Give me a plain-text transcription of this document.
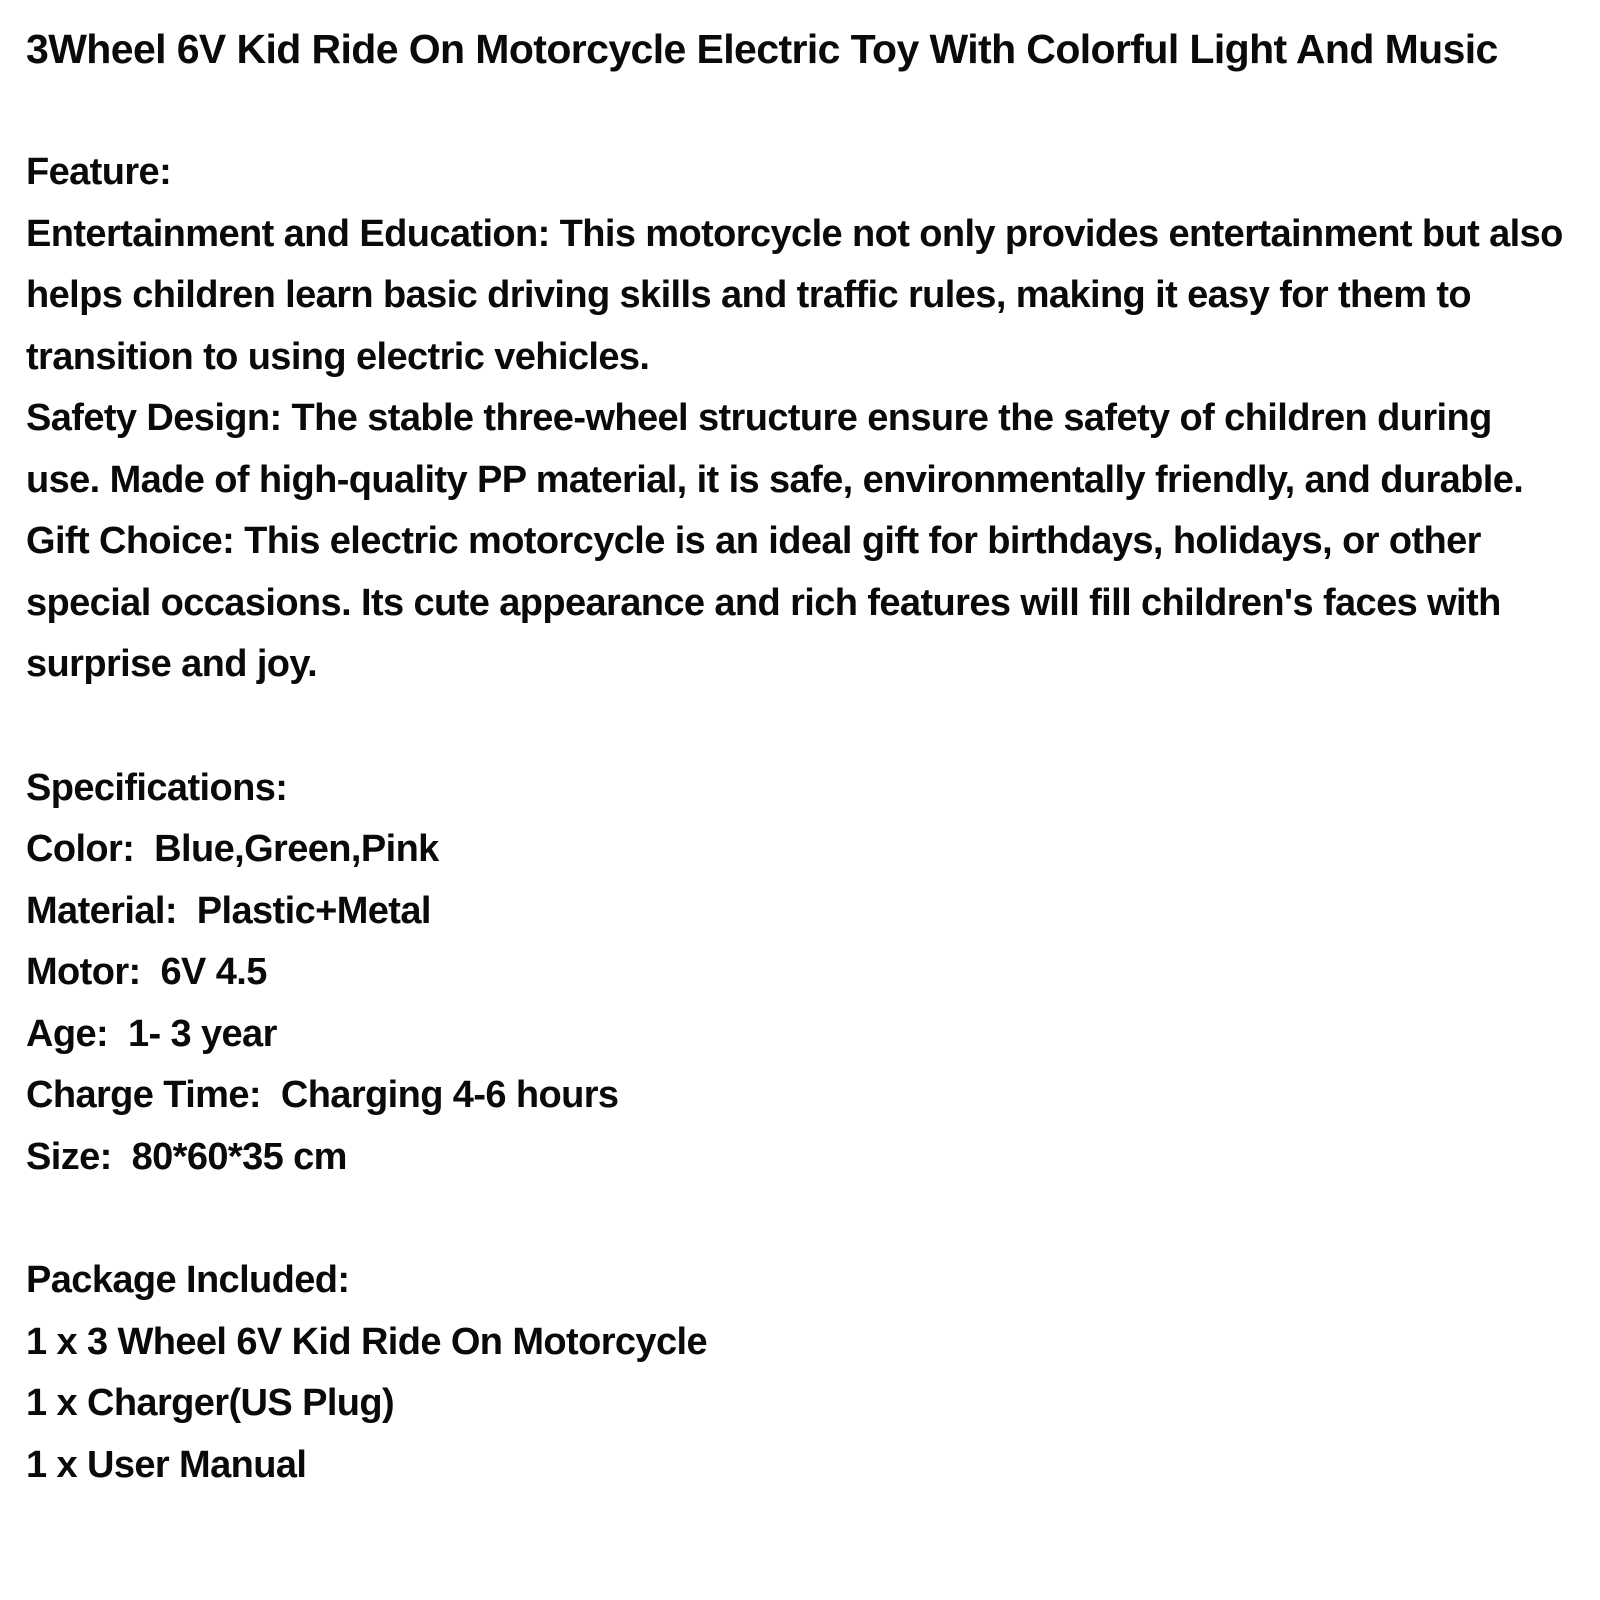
3Wheel 6V Kid Ride On Motorcycle Electric Toy With Colorful Light And Music

Feature:

Entertainment and Education: This motorcycle not only provides entertainment but also helps children learn basic driving skills and traffic rules, making it easy for them to transition to using electric vehicles.

Safety Design: The stable three-wheel structure ensure the safety of children during use. Made of high-quality PP material, it is safe, environmentally friendly, and durable.

Gift Choice: This electric motorcycle is an ideal gift for birthdays, holidays, or other special occasions. Its cute appearance and rich features will fill children's faces with surprise and joy.

Specifications:

Color:  Blue,Green,Pink

Material:  Plastic+Metal

Motor:  6V 4.5

Age:  1- 3 year

Charge Time:  Charging 4-6 hours

Size:  80*60*35 cm

Package Included:

1 x 3 Wheel 6V Kid Ride On Motorcycle

1 x Charger(US Plug)

1 x User Manual
